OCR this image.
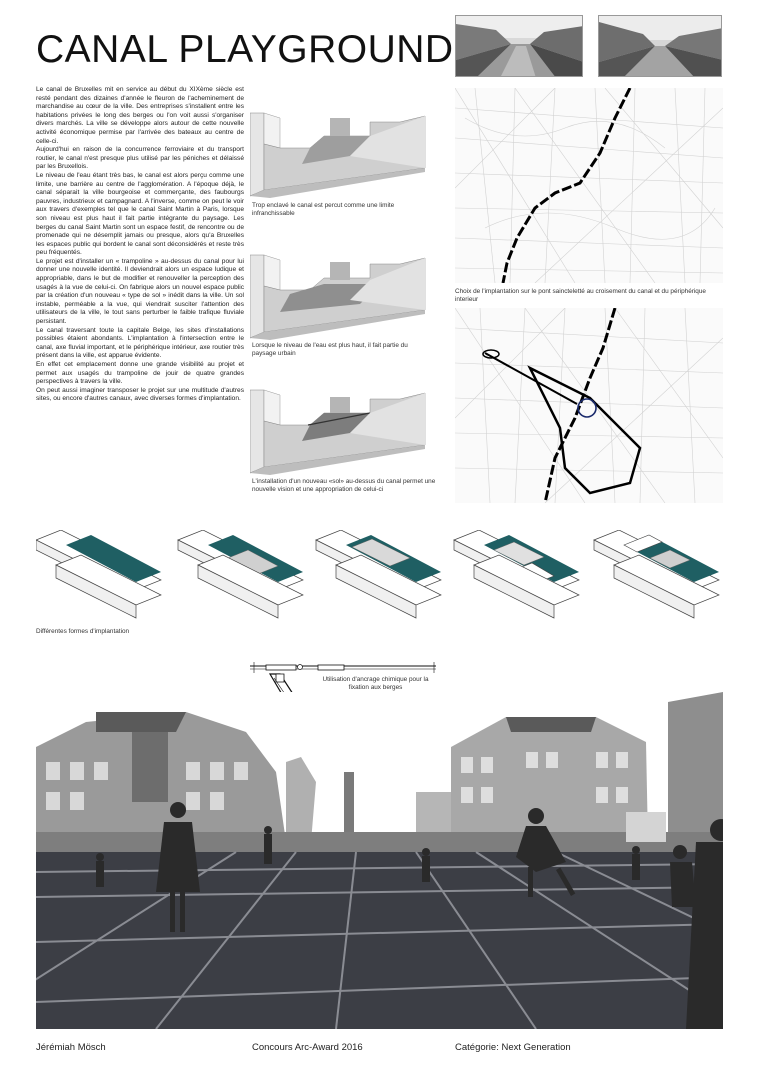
CANAL PLAYGROUND

Le canal de Bruxelles mit en service au début du XIXème siècle est resté pendant des dizaines d'année le fleuron de l'acheminement de marchandise au cœur de la ville. Des entreprises s'installent entre les habitations privées le long des berges ou l'on voit aussi s'organiser divers marchés. La ville se développe alors autour de cette nouvelle activité économique permise par l'arrivée des bateaux au centre de celle-ci.

Aujourd'hui en raison de la concurrence ferroviaire et du transport routier, le canal n'est presque plus utilisé par les péniches et délaissé par les Bruxellois.

Le niveau de l'eau étant très bas, le canal est alors perçu comme une limite, une barrière au centre de l'agglomération. A l'époque déjà, le canal séparait la ville bourgeoise et commerçante, des faubourgs pauvres, industrieux et campagnard. A l'inverse, comme on peut le voir aux travers d'exemples tel que le canal Saint Martin à Paris, lorsque son niveau est plus haut il fait partie intégrante du paysage. Les berges du canal Saint Martin sont un espace festif, de rencontre ou de promenade qui ne désemplit jamais ou presque, alors qu'a Bruxelles les espaces public qui bordent le canal sont déconsidérés et reste très peu fréquentés.

Le projet est d'installer un « trampoline » au-dessus du canal pour lui donner une nouvelle identité. Il deviendrait alors un espace ludique et appropriable, dans le but de modifier et renouveller la perception des usagés à la vue de celui-ci. On fabrique alors un nouvel espace public par la création d'un nouveau « type de sol » inédit dans la ville. Un sol instable, perméable a la vue, qui viendrait susciter l'attention des utilisateurs de la ville, le tout sans perturber le faible trafique fluviale persistant.

Le canal traversant toute la capitale Belge, les sites d'installations possibles étaient abondants. L'implantation à l'intersection entre le canal, axe fluvial important, et le périphérique intérieur, axe routier très présent dans la ville, est apparue évidente.

En effet cet emplacement donne une grande visibilité au projet et permet aux usagés du trampoline de jouir de quatre grandes perspectives à travers la ville.

On peut aussi imaginer transposer le projet sur une multitude d'autres sites, ou encore d'autres canaux, avec diverses formes d'implantation.

Trop enclavé le canal est percut comme une limite infranchissable
Lorsque le niveau de l'eau est plus haut, il fait partie du paysage urbain
L'installation d'un nouveau «sol» au-dessus du canal permet une nouvelle vision et une appropriation de celui-ci
Choix de l'implantation sur le pont saincteletté au croisement du canal et du périphérique interieur
Différentes formes d'implantation
Utilisation d'ancrage chimique pour la fixation aux berges
Jérémiah Mösch	Concours Arc-Award 2016	Catégorie: Next Generation
